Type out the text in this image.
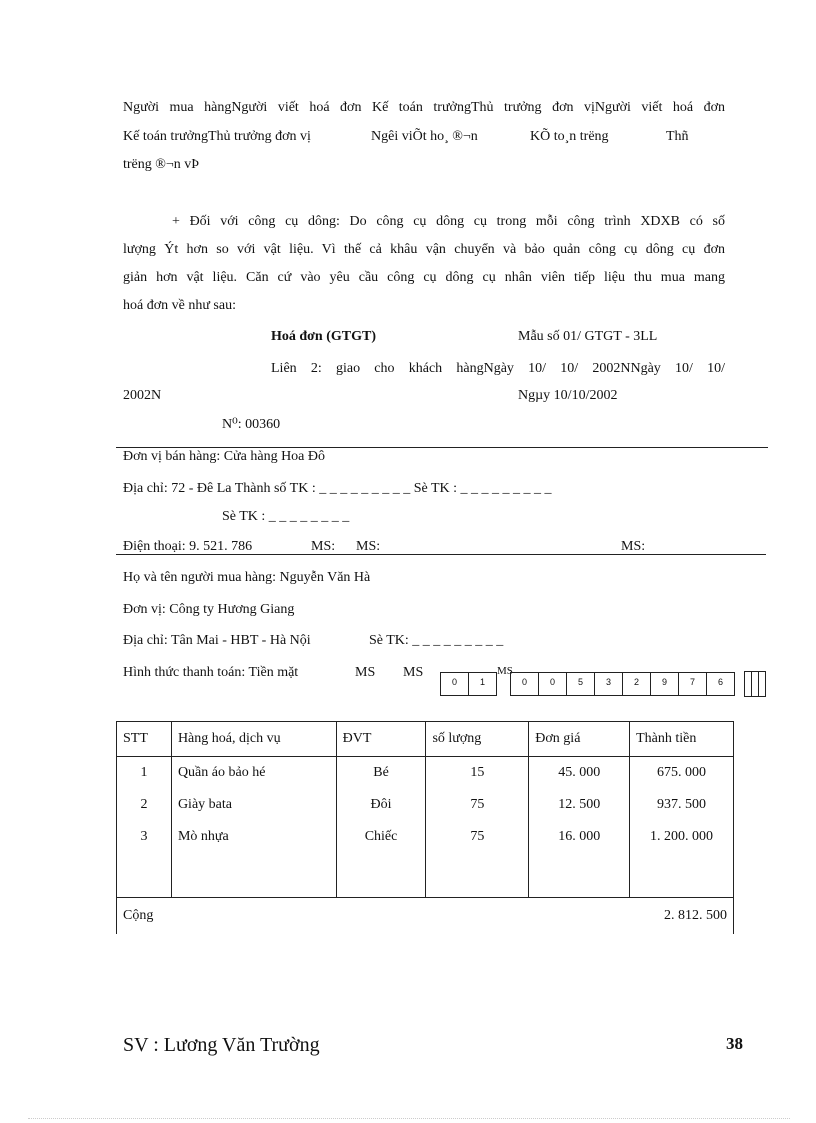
Người mua hàngNgười viết hoá đơn Kế toán trưởngThủ trưởng đơn vịNgười viết hoá đơn
Kế toán trưởngThủ trưởng đơn vị	Ngêi viÕt ho¸ ®¬n	KÕ to¸n trëng	Thñ
trëng ®¬n vÞ
+ Đối với công cụ dông: Do công cụ dông cụ trong mỗi công trình XDXB có số
lượng Ýt hơn so với vật liệu. Vì thế cả khâu vận chuyển và bảo quản công cụ dông cụ đơn
giản hơn vật liệu. Căn cứ vào yêu cầu công cụ dông cụ nhân viên tiếp liệu thu mua mang
hoá đơn về như sau:
Hoá đơn (GTGT)	Mẫu số 01/ GTGT - 3LL
Liên 2: giao cho khách hàngNgày 10/ 10/ 2002NNgày 10/ 10/
2002N	Ngµy 10/10/2002
N⁰: 00360
Đơn vị bán hàng: Cửa hàng Hoa Đô
Địa chỉ: 72 - Đê La Thành số TK : _ _ _ _ _ _ _ _ _ Sè TK : _ _ _ _ _ _ _ _ _
Sè TK : _ _ _ _ _ _ _ _
Điện thoại: 9. 521. 786	MS: MS:	MS:
Họ và tên người mua hàng: Nguyễn Văn Hà
Đơn vị: Công ty Hương Giang
Địa chỉ: Tân Mai - HBT - Hà Nội	Sè TK: _ _ _ _ _ _ _ _ _
Hình thức thanh toán: Tiền mặt	MS MS	MS
0	1	0	0	5	3	2	9	7	6
STT	Hàng hoá, dịch vụ	ĐVT	số lượng	Đơn giá	Thành tiền
1	Quần áo bảo hé	Bé	15	45. 000	675. 000
2	Giày bata	Đôi	75	12. 500	937. 500
3	Mò nhựa	Chiếc	75	16. 000	1. 200. 000

Cộng					2. 812. 500
SV : Lương Văn Trường	38
